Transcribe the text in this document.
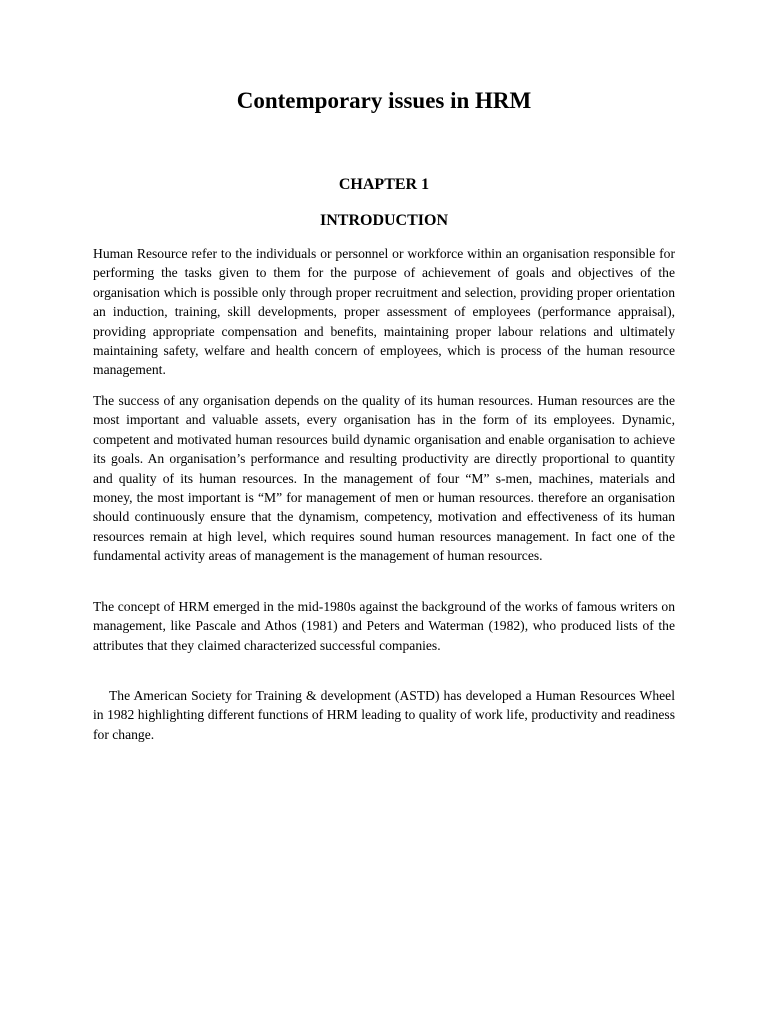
Contemporary issues in HRM
CHAPTER 1
INTRODUCTION

Human Resource refer to the individuals or personnel or workforce within an organisation responsible for performing the tasks given to them for the purpose of achievement of goals and objectives of the organisation which is possible only through proper recruitment and selection, providing proper orientation an induction, training, skill developments, proper assessment of employees (performance appraisal), providing appropriate compensation and benefits, maintaining proper labour relations and ultimately maintaining safety, welfare and health concern of employees, which is process of the human resource management.

The success of any organisation depends on the quality of its human resources. Human resources are the most important and valuable assets, every organisation has in the form of its employees. Dynamic, competent and motivated human resources build dynamic organisation and enable organisation to achieve its goals. An organisation’s performance and resulting productivity are directly proportional to quantity and quality of its human resources. In the management of four “M” s-men, machines, materials and money, the most important is “M” for management of men or human resources. therefore an organisation should continuously ensure that the dynamism, competency, motivation and effectiveness of its human resources remain at high level, which requires sound human resources management. In fact one of the fundamental activity areas of management is the management of human resources.

The concept of HRM emerged in the mid-1980s against the background of the works of famous writers on management, like Pascale and Athos (1981) and Peters and Waterman (1982), who produced lists of the attributes that they claimed characterized successful companies.

The American Society for Training & development (ASTD) has developed a Human Resources Wheel in 1982 highlighting different functions of HRM leading to quality of work life, productivity and readiness for change.
